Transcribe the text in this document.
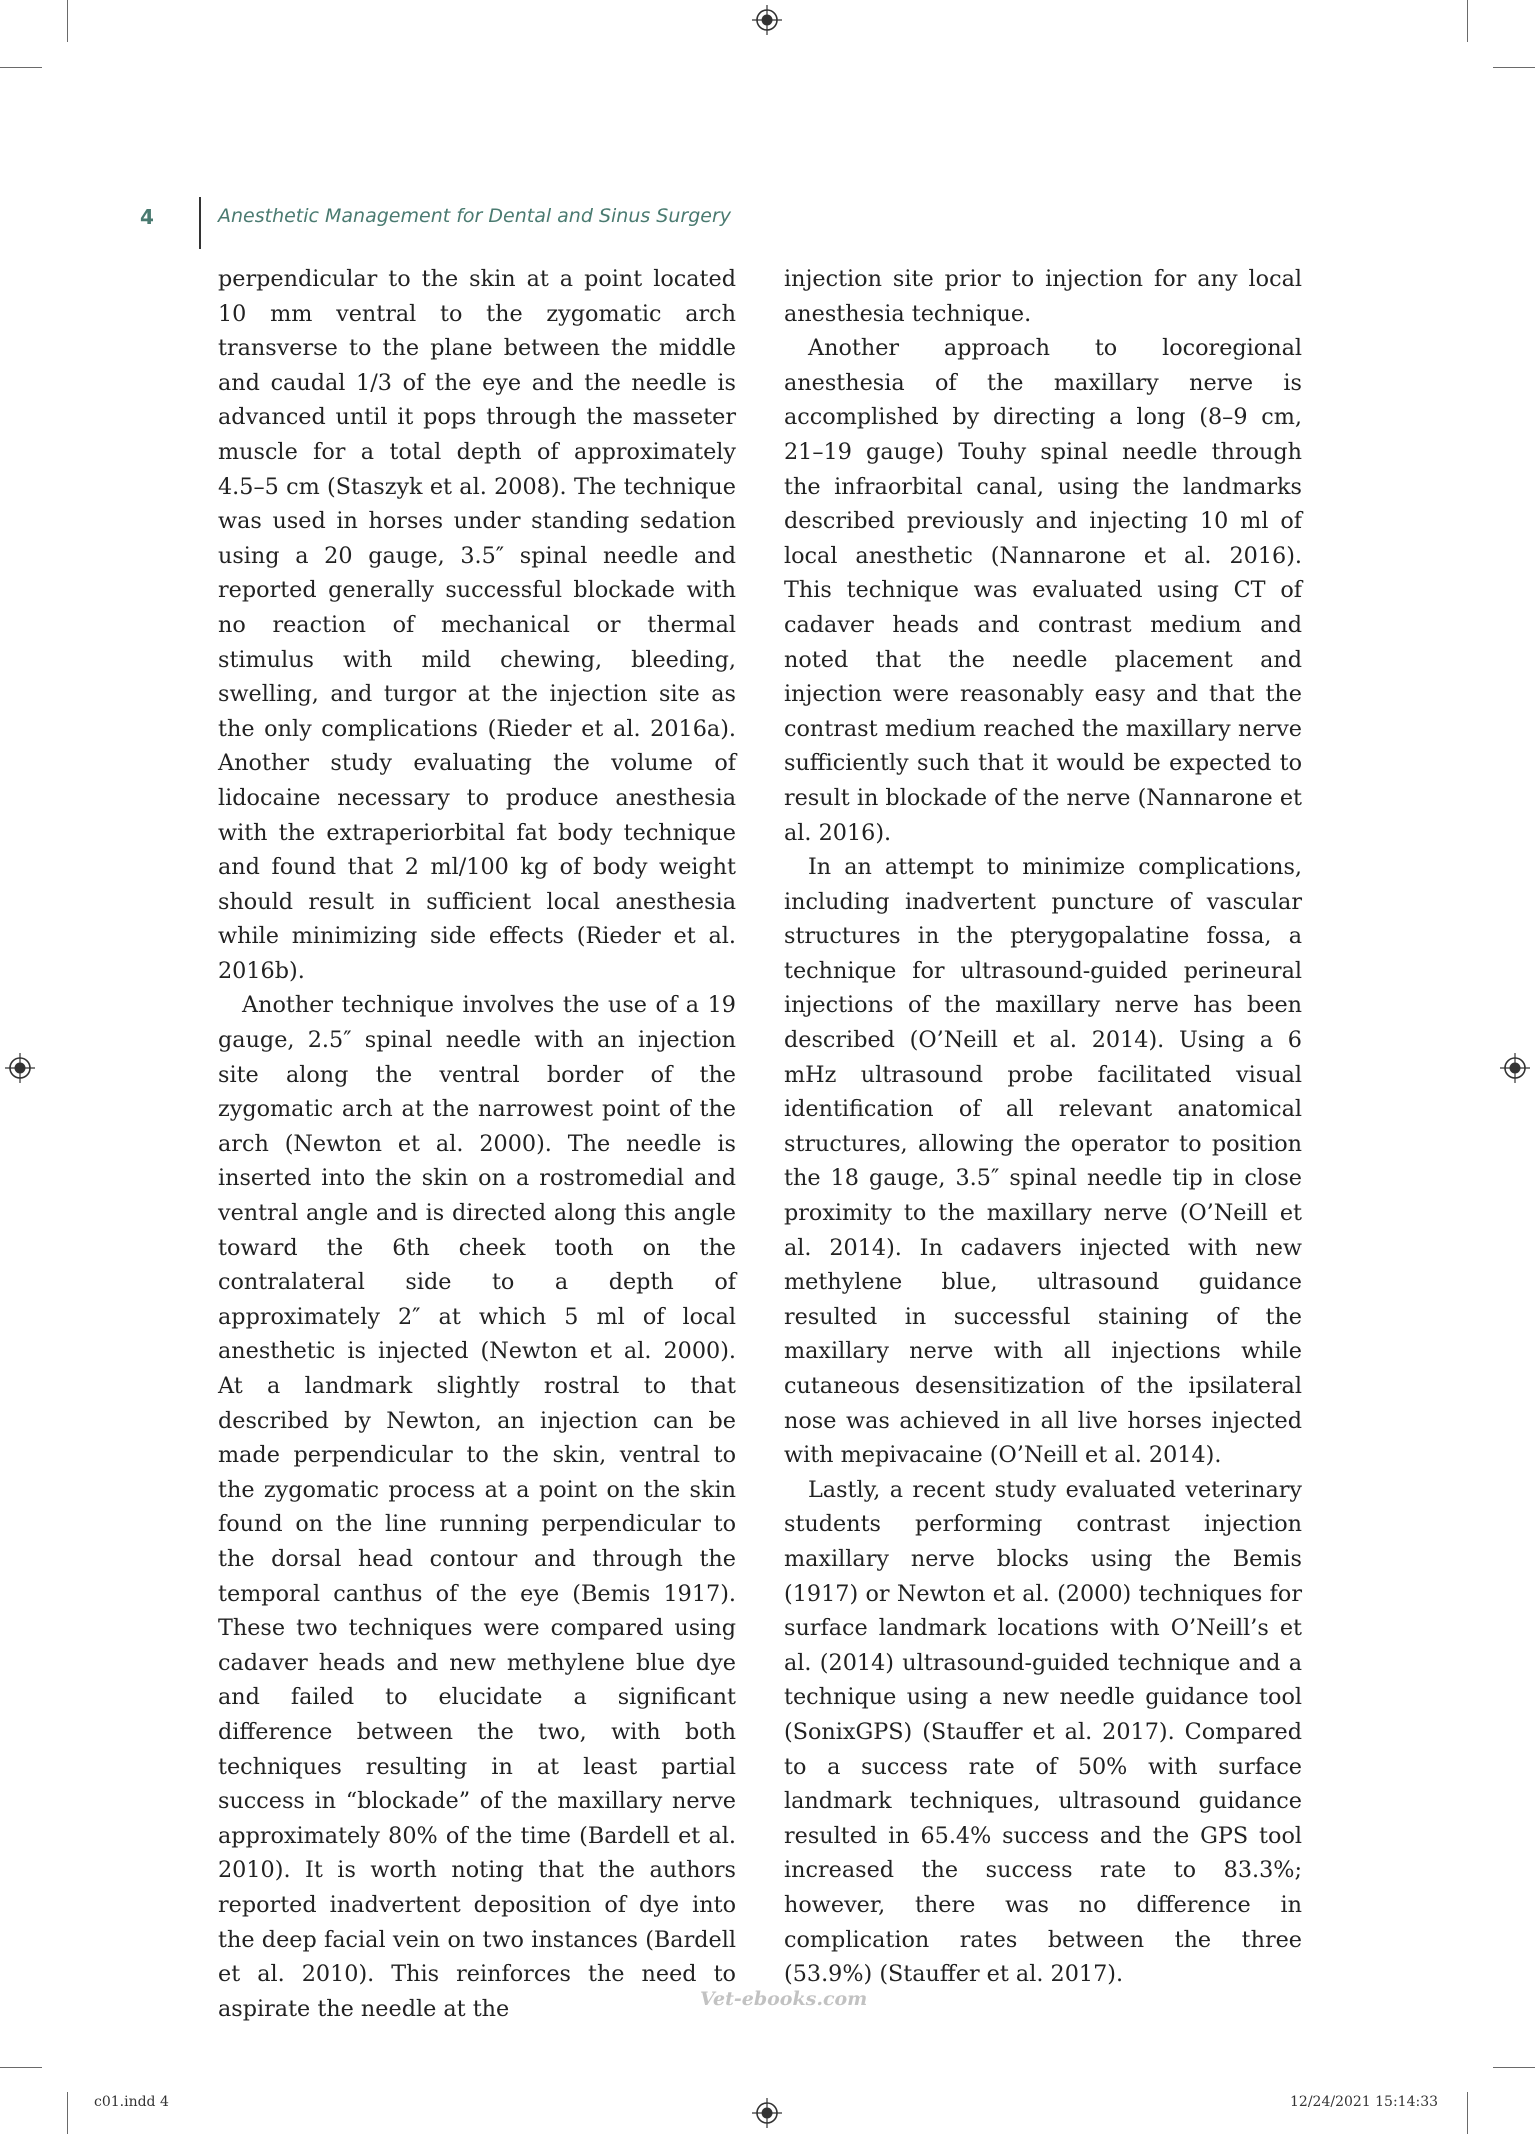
4	Anesthetic Management for Dental and Sinus Surgery

perpendicular to the skin at a point located 10 mm ventral to the zygomatic arch transverse to the plane between the middle and caudal 1/3 of the eye and the needle is advanced until it pops through the masseter muscle for a total depth of approximately 4.5–5 cm (Staszyk et al. 2008). The technique was used in horses under standing sedation using a 20 gauge, 3.5″ spinal needle and reported generally successful blockade with no reaction of mechanical or thermal stimulus with mild chewing, bleeding, swelling, and turgor at the injection site as the only complications (Rieder et al. 2016a). Another study evaluating the volume of lidocaine necessary to produce anesthesia with the extraperiorbital fat body technique and found that 2 ml/100 kg of body weight should result in sufficient local anesthesia while minimizing side effects (Rieder et al. 2016b).

Another technique involves the use of a 19 gauge, 2.5″ spinal needle with an injection site along the ventral border of the zygomatic arch at the narrowest point of the arch (Newton et al. 2000). The needle is inserted into the skin on a rostromedial and ventral angle and is directed along this angle toward the 6th cheek tooth on the contralateral side to a depth of approximately 2″ at which 5 ml of local anesthetic is injected (Newton et al. 2000). At a landmark slightly rostral to that described by Newton, an injection can be made perpendicular to the skin, ventral to the zygomatic process at a point on the skin found on the line running perpendicular to the dorsal head contour and through the temporal canthus of the eye (Bemis 1917). These two techniques were compared using cadaver heads and new methylene blue dye and failed to elucidate a significant difference between the two, with both techniques resulting in at least partial success in “blockade” of the maxillary nerve approximately 80% of the time (Bardell et al. 2010). It is worth noting that the authors reported inadvertent deposition of dye into the deep facial vein on two instances (Bardell et al. 2010). This reinforces the need to aspirate the needle at the

injection site prior to injection for any local anesthesia technique.

Another approach to locoregional anesthesia of the maxillary nerve is accomplished by directing a long (8–9 cm, 21–19 gauge) Touhy spinal needle through the infraorbital canal, using the landmarks described previously and injecting 10 ml of local anesthetic (Nannarone et al. 2016). This technique was evaluated using CT of cadaver heads and contrast medium and noted that the needle placement and injection were reasonably easy and that the contrast medium reached the maxillary nerve sufficiently such that it would be expected to result in blockade of the nerve (Nannarone et al. 2016).

In an attempt to minimize complications, including inadvertent puncture of vascular structures in the pterygopalatine fossa, a technique for ultrasound-guided perineural injections of the maxillary nerve has been described (O’Neill et al. 2014). Using a 6 mHz ultrasound probe facilitated visual identification of all relevant anatomical structures, allowing the operator to position the 18 gauge, 3.5″ spinal needle tip in close proximity to the maxillary nerve (O’Neill et al. 2014). In cadavers injected with new methylene blue, ultrasound guidance resulted in successful staining of the maxillary nerve with all injections while cutaneous desensitization of the ipsilateral nose was achieved in all live horses injected with mepivacaine (O’Neill et al. 2014).

Lastly, a recent study evaluated veterinary students performing contrast injection maxillary nerve blocks using the Bemis (1917) or Newton et al. (2000) techniques for surface landmark locations with O’Neill’s et al. (2014) ultrasound-guided technique and a technique using a new needle guidance tool (SonixGPS) (Stauffer et al. 2017). Compared to a success rate of 50% with surface landmark techniques, ultrasound guidance resulted in 65.4% success and the GPS tool increased the success rate to 83.3%; however, there was no difference in complication rates between the three (53.9%) (Stauffer et al. 2017).

Vet-ebooks.com
c01.indd 4	12/24/2021 15:14:33
